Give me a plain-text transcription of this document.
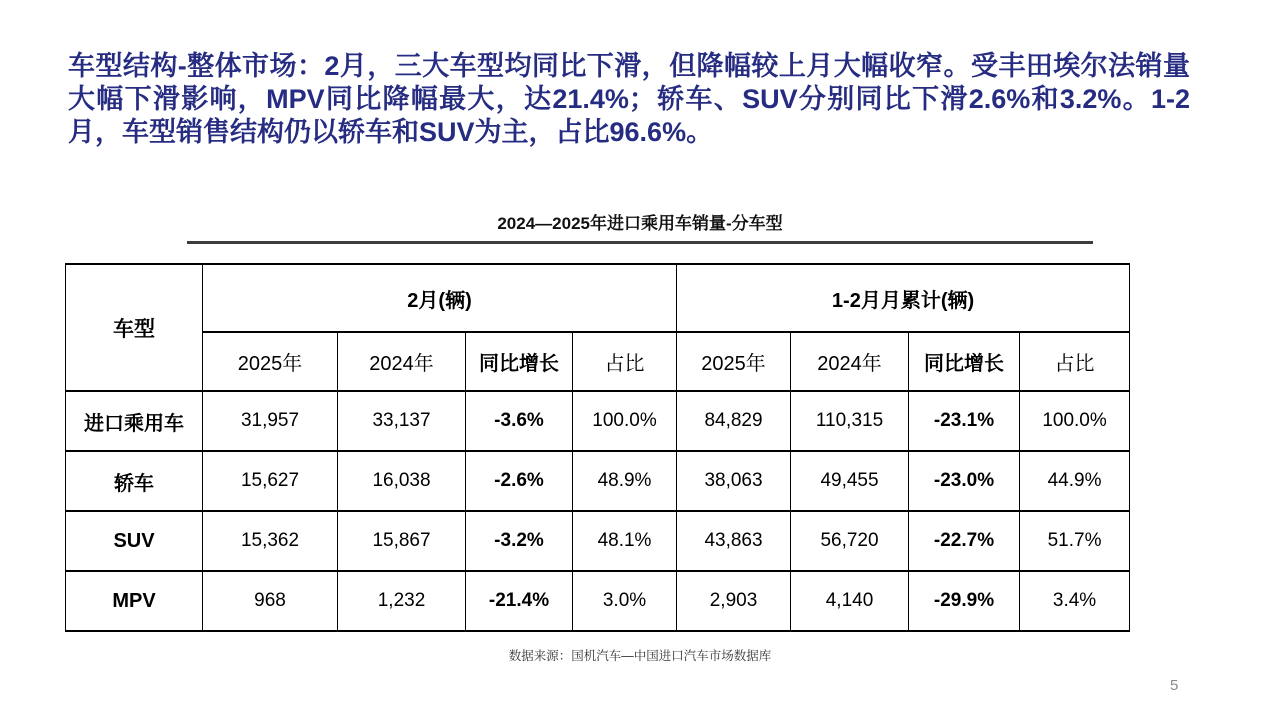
车型结构-整体市场：2月，三大车型均同比下滑，但降幅较上月大幅收窄。受丰田埃尔法销量大幅下滑影响，MPV同比降幅最大，达21.4%；轿车、SUV分别同比下滑2.6%和3.2%。1-2月，车型销售结构仍以轿车和SUV为主，占比96.6%。
2024—2025年进口乘用车销量-分车型
车型	2月(辆)				1-2月月累计(辆)			
	2025年	2024年	同比增长	占比	2025年	2024年	同比增长	占比
进口乘用车	31,957	33,137	-3.6%	100.0%	84,829	110,315	-23.1%	100.0%
轿车	15,627	16,038	-2.6%	48.9%	38,063	49,455	-23.0%	44.9%
SUV	15,362	15,867	-3.2%	48.1%	43,863	56,720	-22.7%	51.7%
MPV	968	1,232	-21.4%	3.0%	2,903	4,140	-29.9%	3.4%
数据来源：国机汽车—中国进口汽车市场数据库
5
